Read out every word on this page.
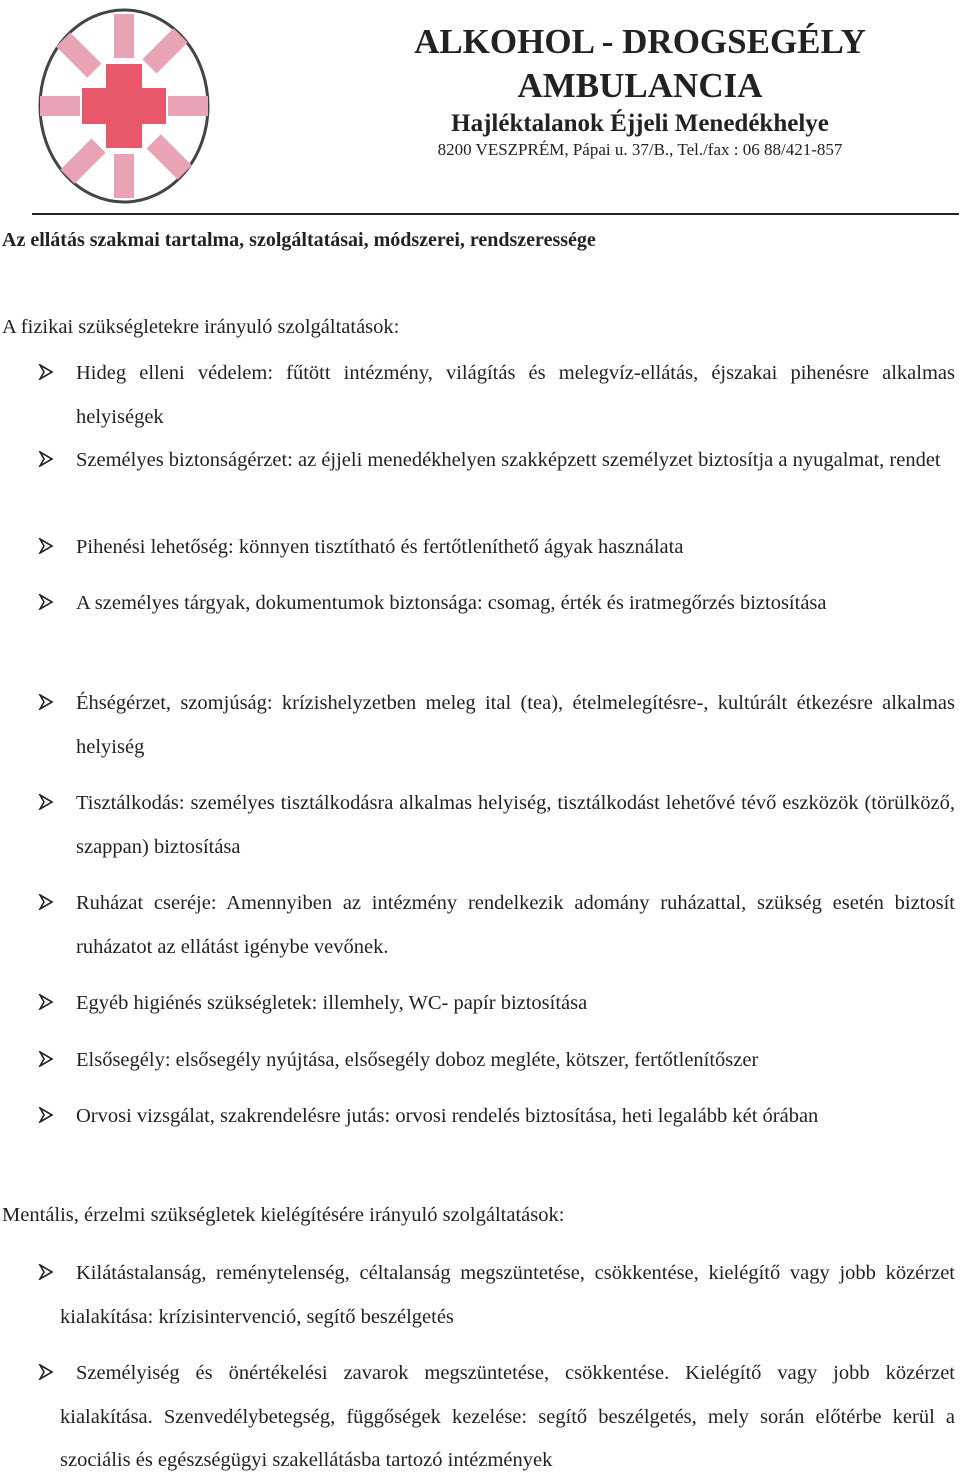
ALKOHOL - DROGSEGÉLY
AMBULANCIA
Hajléktalanok Éjjeli Menedékhelye
8200 VESZPRÉM, Pápai u. 37/B., Tel./fax : 06 88/421-857
Az ellátás szakmai tartalma, szolgáltatásai, módszerei, rendszeressége
A fizikai szükségletekre irányuló szolgáltatások:
Hideg elleni védelem: fűtött intézmény, világítás és melegvíz-ellátás, éjszakai pihenésre alkalmas helyiségek
Személyes biztonságérzet: az éjjeli menedékhelyen szakképzett személyzet biztosítja a nyugalmat, rendet
Pihenési lehetőség: könnyen tisztítható és fertőtleníthető ágyak használata
A személyes tárgyak, dokumentumok biztonsága: csomag, érték és iratmegőrzés biztosítása
Éhségérzet, szomjúság: krízishelyzetben meleg ital (tea), ételmelegítésre-, kultúrált étkezésre alkalmas helyiség
Tisztálkodás: személyes tisztálkodásra alkalmas helyiség, tisztálkodást lehetővé tévő eszközök (törülköző, szappan) biztosítása
Ruházat cseréje: Amennyiben az intézmény rendelkezik adomány ruházattal, szükség esetén biztosít ruházatot az ellátást igénybe vevőnek.
Egyéb higiénés szükségletek: illemhely, WC- papír biztosítása
Elsősegély: elsősegély nyújtása, elsősegély doboz megléte, kötszer, fertőtlenítőszer
Orvosi vizsgálat, szakrendelésre jutás: orvosi rendelés biztosítása, heti legalább két órában
Mentális, érzelmi szükségletek kielégítésére irányuló szolgáltatások:
Kilátástalanság, reménytelenség, céltalanság megszüntetése, csökkentése, kielégítő vagy jobb közérzet kialakítása: krízisintervenció, segítő beszélgetés
Személyiség és önértékelési zavarok megszüntetése, csökkentése. Kielégítő vagy jobb közérzet kialakítása. Szenvedélybetegség, függőségek kezelése: segítő beszélgetés, mely során előtérbe kerül a szociális és egészségügyi szakellátásba tartozó intézmények
